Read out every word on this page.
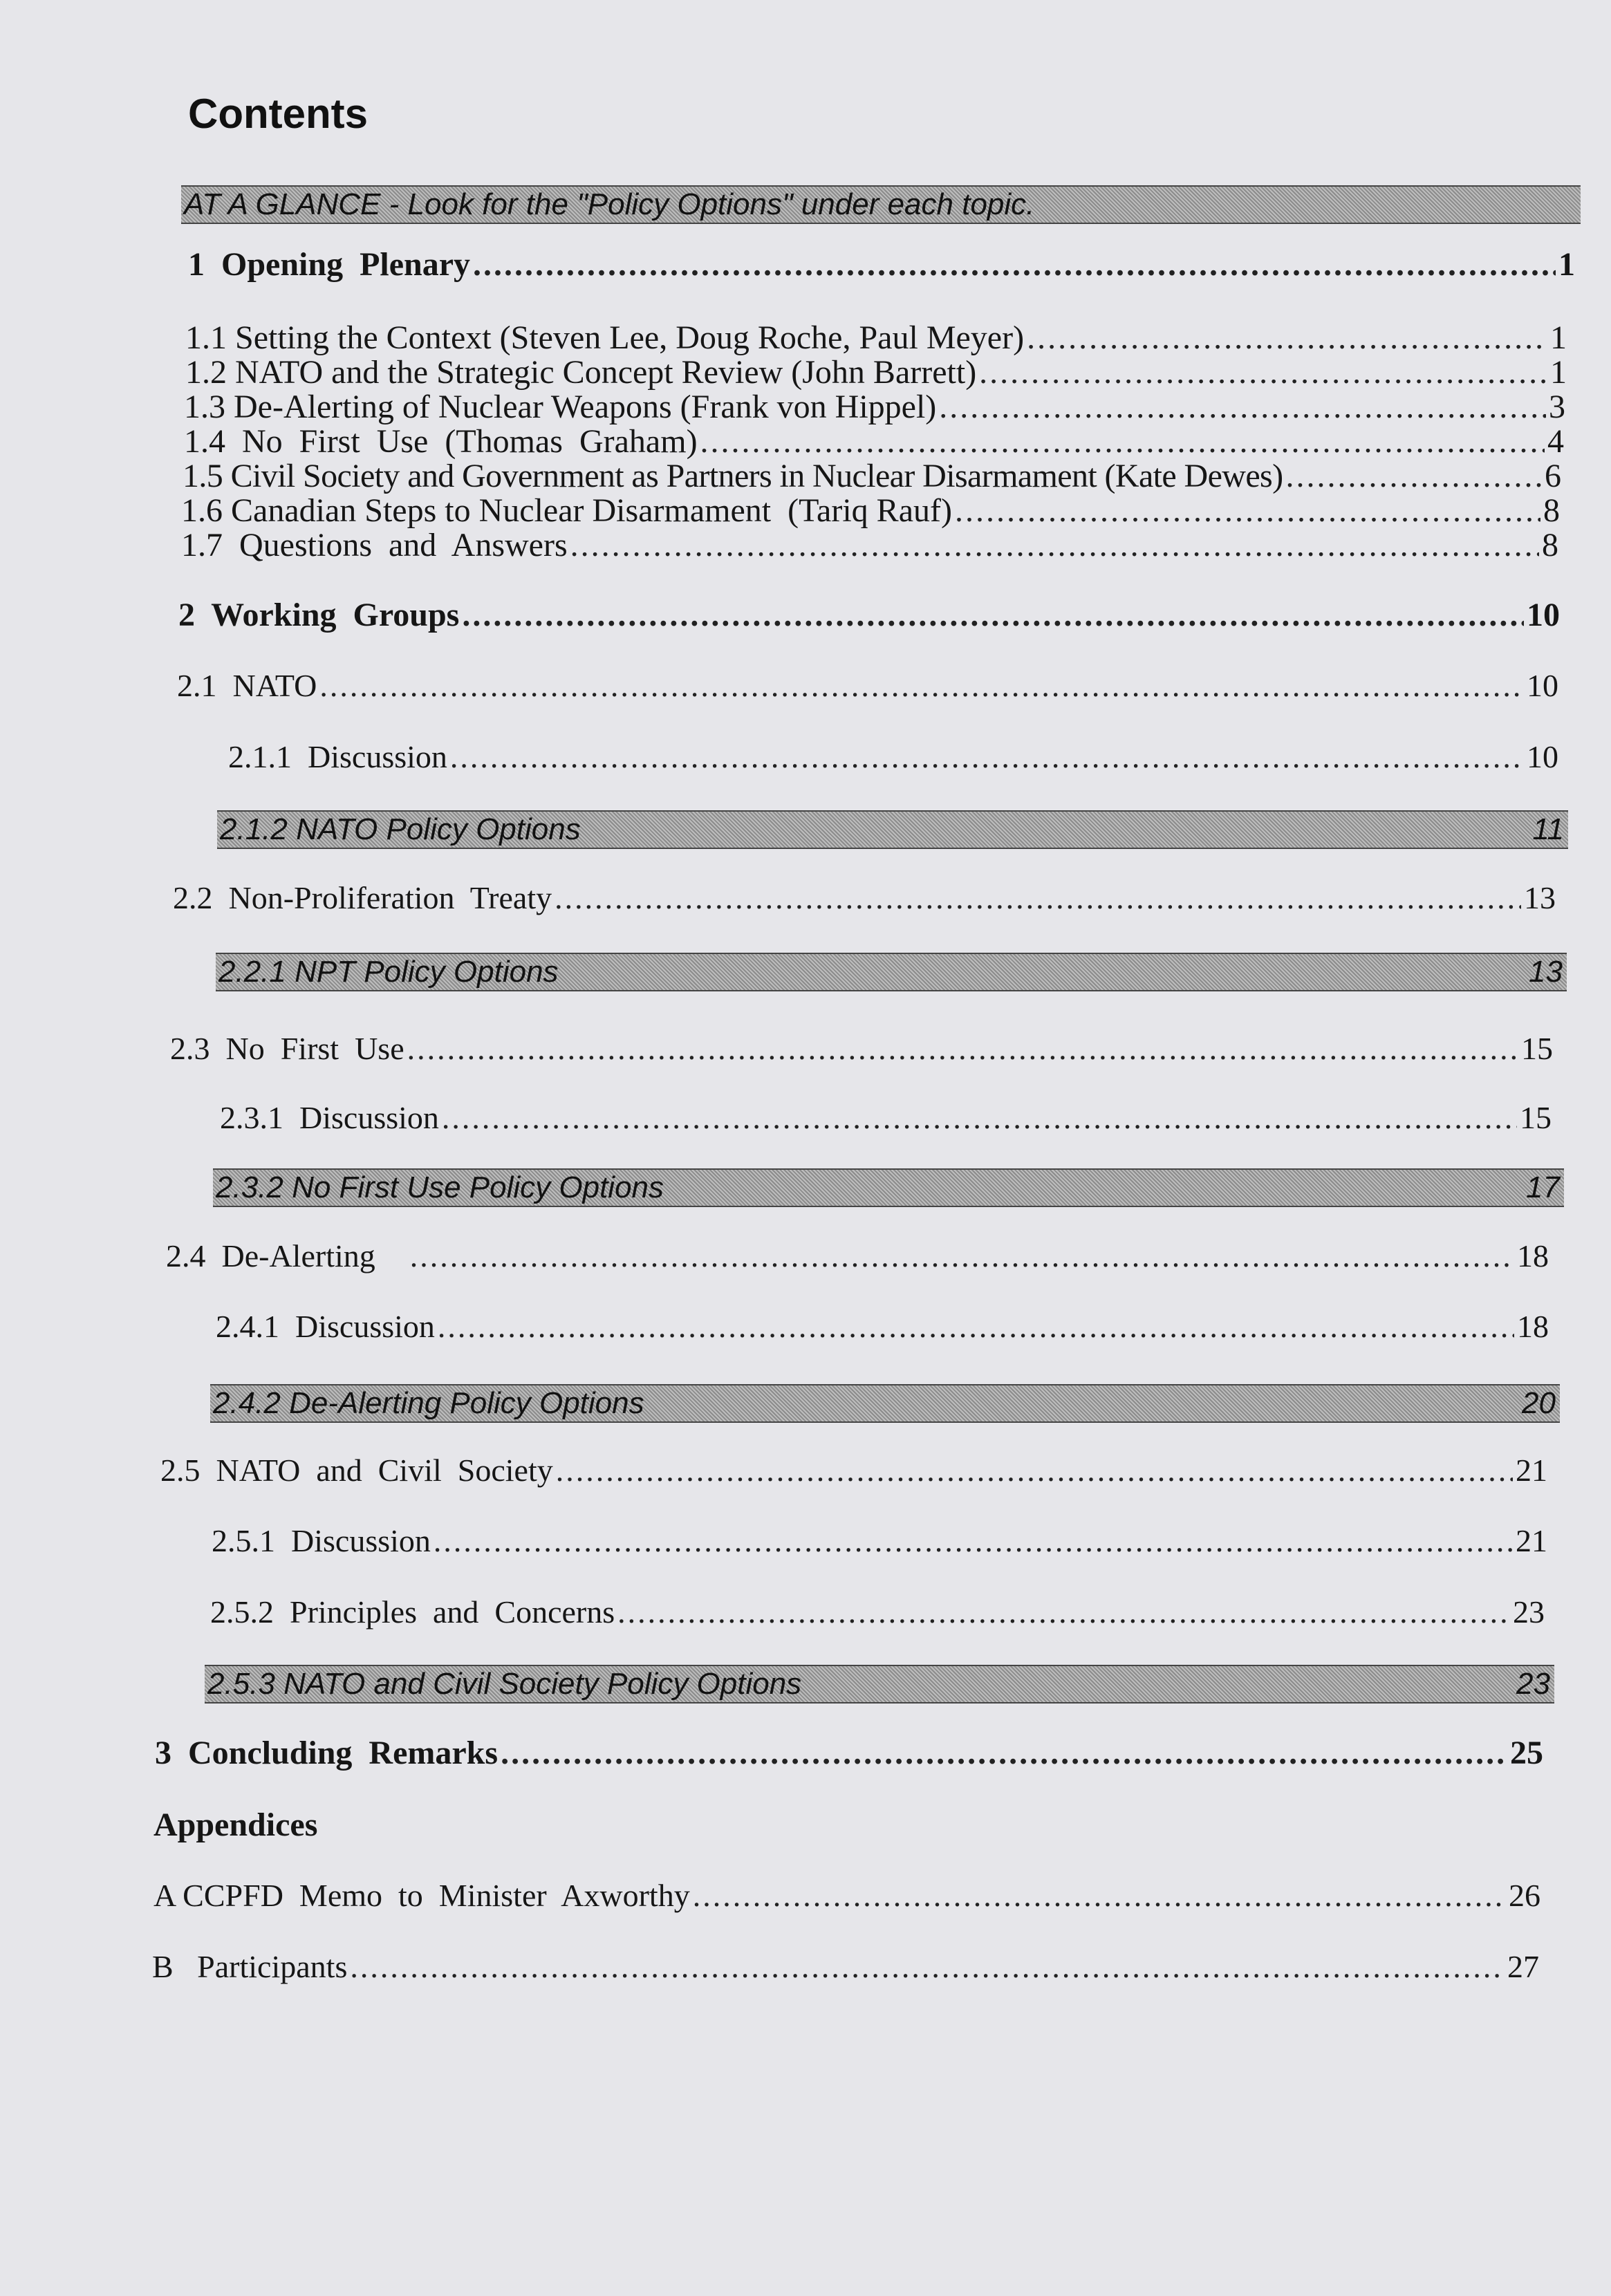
Contents
AT A GLANCE - Look for the "Policy Options" under each topic.
1  Opening  Plenary .....	1
1.1 Setting the Context (Steven Lee, Doug Roche, Paul Meyer) .....	1
1.2 NATO and the Strategic Concept Review (John Barrett) .....	1
1.3 De-Alerting of Nuclear Weapons (Frank von Hippel) .....	3
1.4  No  First  Use  (Thomas  Graham) .....	4
1.5 Civil Society and Government as Partners in Nuclear Disarmament (Kate Dewes) .....	6
1.6 Canadian Steps to Nuclear Disarmament  (Tariq Rauf) .....	8
1.7  Questions  and  Answers .....	8
2  Working  Groups .....	10
2.1  NATO .....	10
2.1.1  Discussion .....	10
2.1.2 NATO Policy Options	11
2.2  Non-Proliferation  Treaty .....	13
2.2.1 NPT Policy Options	13
2.3  No  First  Use .....	15
2.3.1  Discussion .....	15
2.3.2 No First Use Policy Options	17
2.4  De-Alerting .....	18
2.4.1  Discussion .....	18
2.4.2 De-Alerting Policy Options	20
2.5  NATO  and  Civil  Society .....	21
2.5.1  Discussion .....	21
2.5.2  Principles  and  Concerns .....	23
2.5.3 NATO and Civil Society Policy Options	23
3  Concluding  Remarks .....	25
Appendices
A CCPFD  Memo  to  Minister  Axworthy .....	26
B   Participants .....	27
